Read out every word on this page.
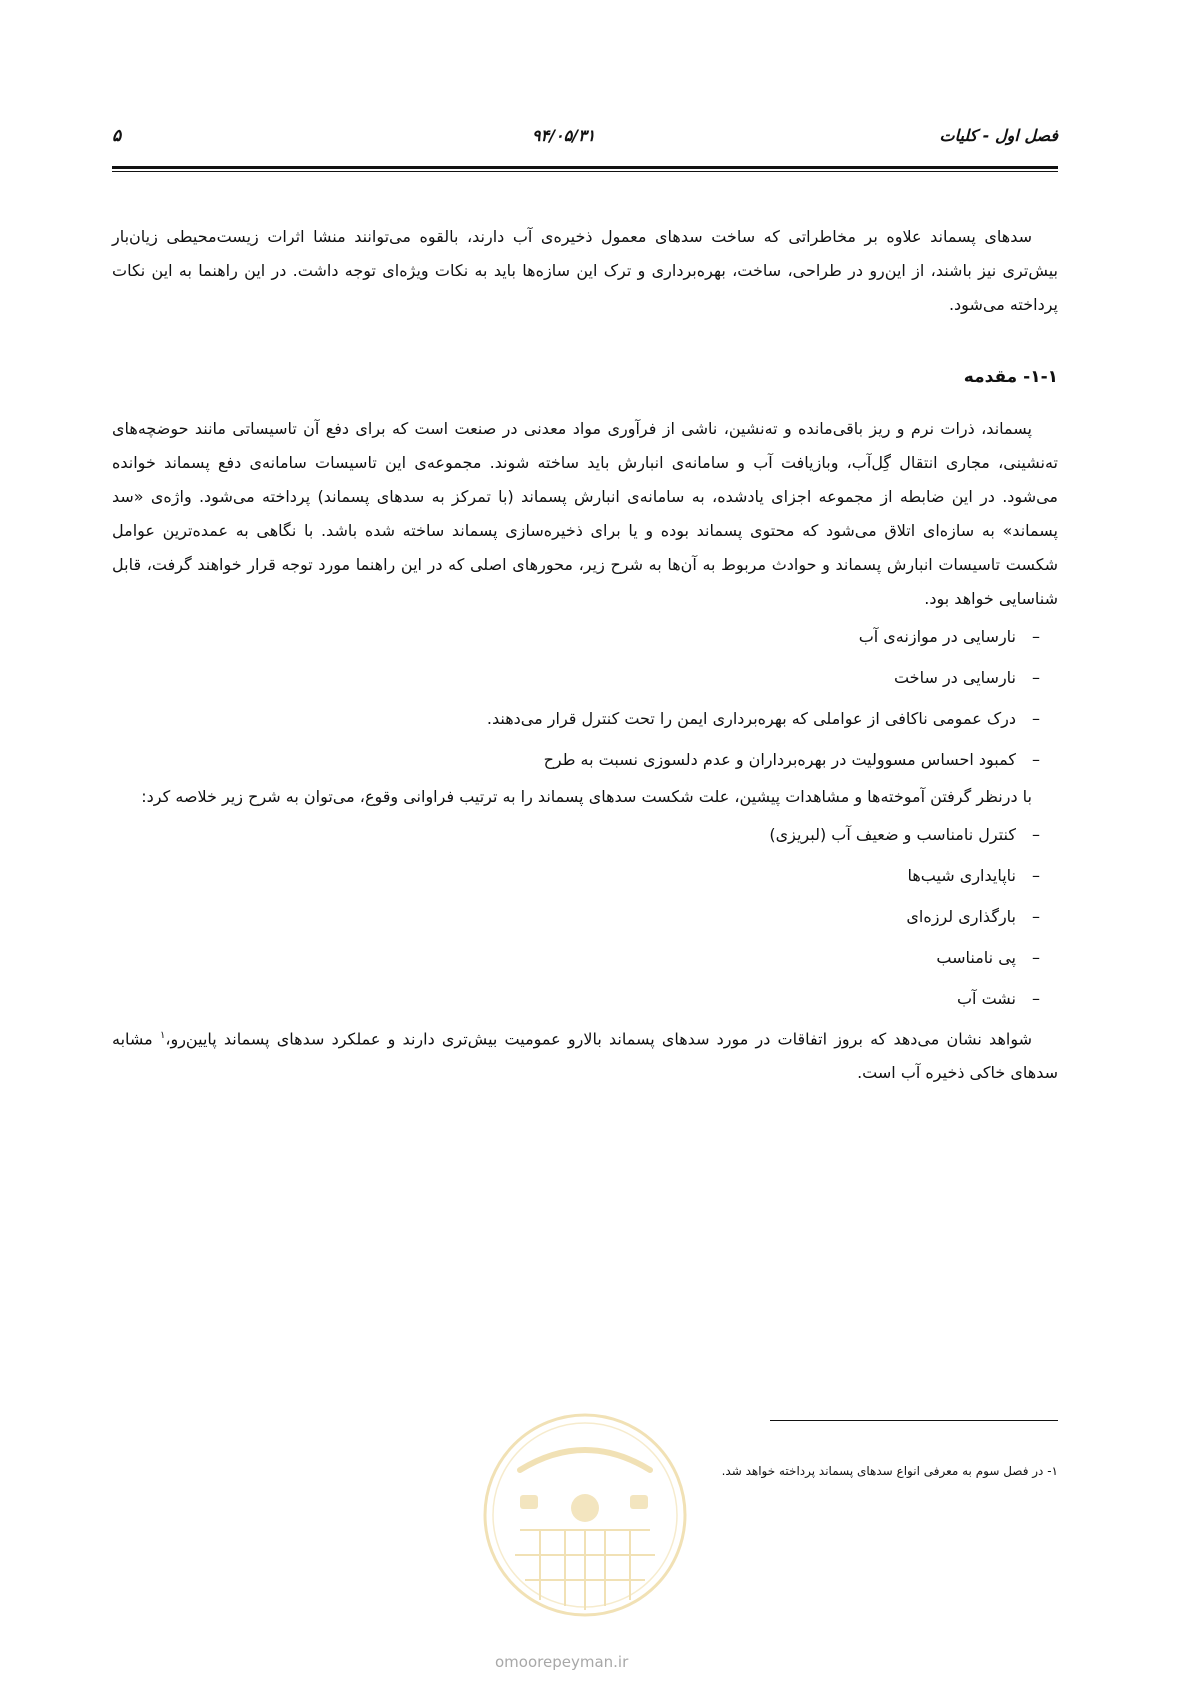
فصل اول - کلیات
۹۴/۰۵/۳۱
۵

سدهای پسماند علاوه بر مخاطراتی که ساخت سدهای معمول ذخیره‌ی آب دارند، بالقوه می‌توانند منشا اثرات زیست‌محیطی زیان‌بار بیش‌تری نیز باشند، از این‌رو در طراحی، ساخت، بهره‌برداری و ترک این سازه‌ها باید به نکات ویژه‌ای توجه داشت. در این راهنما به این نکات پرداخته می‌شود.

۱-۱- مقدمه

پسماند، ذرات نرم و ریز باقی‌مانده و ته‌نشین، ناشی از فرآوری مواد معدنی در صنعت است که برای دفع آن تاسیساتی مانند حوضچه‌های ته‌نشینی، مجاری انتقال گِل‌آب، وبازیافت آب و سامانه‌ی انبارش باید ساخته شوند. مجموعه‌ی این تاسیسات سامانه‌ی دفع پسماند خوانده می‌شود. در این ضابطه از مجموعه اجزای یادشده، به سامانه‌ی انبارش پسماند (با تمرکز به سدهای پسماند) پرداخته می‌شود. واژه‌ی «سد پسماند» به سازه‌ای اتلاق می‌شود که محتوی پسماند بوده و یا برای ذخیره‌سازی پسماند ساخته شده باشد. با نگاهی به عمده‌ترین عوامل شکست تاسیسات انبارش پسماند و حوادث مربوط به آن‌ها به شرح زیر، محورهای اصلی که در این راهنما مورد توجه قرار خواهند گرفت، قابل شناسایی خواهد بود.

–نارسایی در موازنه‌ی آب
–نارسایی در ساخت
–درک عمومی ناکافی از عواملی که بهره‌برداری ایمن را تحت کنترل قرار می‌دهند.
–کمبود احساس مسوولیت در بهره‌برداران و عدم دلسوزی نسبت به طرح

با درنظر گرفتن آموخته‌ها و مشاهدات پیشین، علت شکست سدهای پسماند را به ترتیب فراوانی وقوع، می‌توان به شرح زیر خلاصه کرد:

–کنترل نامناسب و ضعیف آب (لبریزی)
–ناپایداری شیب‌ها
–بارگذاری لرزه‌ای
–پی نامناسب
–نشت آب

شواهد نشان می‌دهد که بروز اتفاقات در مورد سدهای پسماند بالارو عمومیت بیش‌تری دارند و عملکرد سدهای پسماند پایین‌رو،$^۱$ مشابه سدهای خاکی ذخیره آب است.

۱- در فصل سوم به معرفی انواع سدهای پسماند پرداخته خواهد شد.
omoorepeyman.ir
